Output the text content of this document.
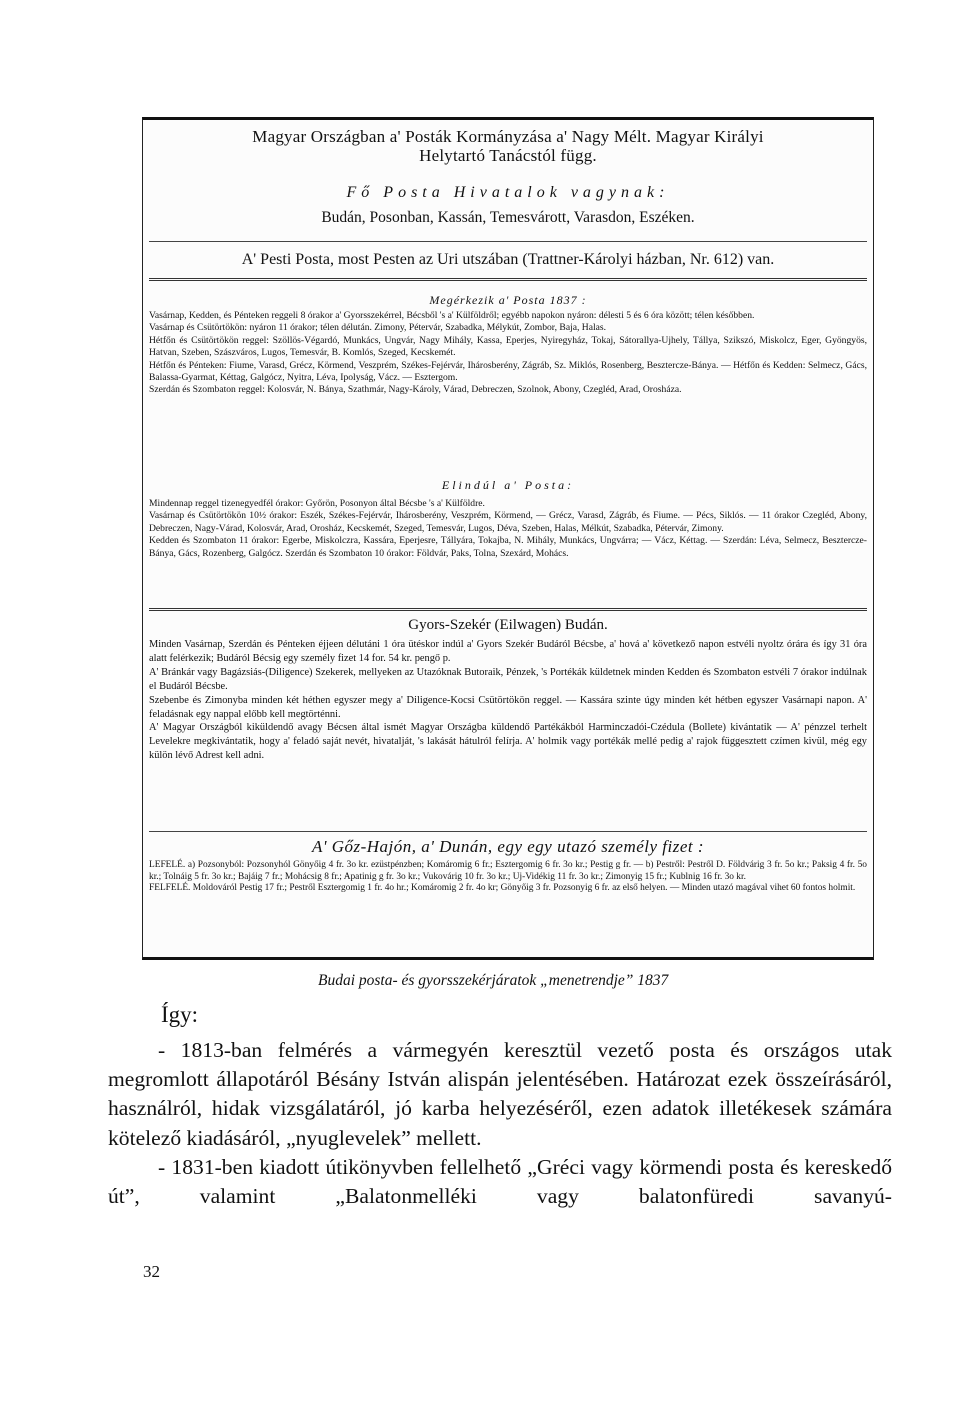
Magyar Országban a' Posták Kormányzása a' Nagy Mélt. Magyar Királyi
Helytartó Tanácstól függ.
Fő Posta Hivatalok vagynak:
Budán, Posonban, Kassán, Temesvárott, Varasdon, Eszéken.
A' Pesti Posta, most Pesten az Uri utszában (Trattner-Károlyi házban, Nr. 612) van.
Megérkezik a' Posta 1837 :
Vasárnap, Kedden, és Pénteken reggeli 8 órakor a' Gyorsszekérrel, Bécsből 's a' Külföldről; egyébb napokon nyáron: délesti 5 és 6 óra között; télen későbben.
Vasárnap és Csütörtökön: nyáron 11 órakor; télen délután. Zimony, Pétervár, Szabadka, Mélykút, Zombor, Baja, Halas.
Hétfőn és Csütörtökön reggel: Szöllös-Végardó, Munkács, Ungvár, Nagy Mihály, Kassa, Eperjes, Nyiregyház, Tokaj, Sátorallya-Ujhely, Tállya, Szikszó, Miskolcz, Eger, Gyöngyös, Hatvan, Szeben, Szászváros, Lugos, Temesvár, B. Komlós, Szeged, Kecskemét.
Hétfőn és Pénteken: Fiume, Varasd, Grécz, Körmend, Veszprém, Székes-Fejérvár, Ihárosberény, Zágráb, Sz. Miklós, Rosenberg, Besztercze-Bánya. — Hétfőn és Kedden: Selmecz, Gács, Balassa-Gyarmat, Kéttag, Galgócz, Nyitra, Léva, Ipolyság, Vácz. — Esztergom.
Szerdán és Szombaton reggel: Kolosvár, N. Bánya, Szathmár, Nagy-Károly, Várad, Debreczen, Szolnok, Abony, Czegléd, Arad, Orosháza.
Elindúl a' Posta:
Mindennap reggel tizenegyedfél órakor: Győrön, Posonyon által Bécsbe 's a' Külföldre.
Vasárnap és Csütörtökön 10½ órakor: Eszék, Székes-Fejérvár, Ihárosberény, Veszprém, Körmend, — Grécz, Varasd, Zágráb, és Fiume. — Pécs, Siklós. — 11 órakor Czegléd, Abony, Debreczen, Nagy-Várad, Kolosvár, Arad, Orosház, Kecskemét, Szeged, Temesvár, Lugos, Déva, Szeben, Halas, Mélkút, Szabadka, Pétervár, Zimony.
Kedden és Szombaton 11 órakor: Egerbe, Miskolczra, Kassára, Eperjesre, Tállyára, Tokajba, N. Mihály, Munkács, Ungvárra; — Vácz, Kéttag. — Szerdán: Léva, Selmecz, Besztercze-Bánya, Gács, Rozenberg, Galgócz. Szerdán és Szombaton 10 órakor: Földvár, Paks, Tolna, Szexárd, Mohács.
Gyors-Szekér (Eilwagen) Budán.
Minden Vasárnap, Szerdán és Pénteken éjjeen délutáni 1 óra ütéskor indúl a' Gyors Szekér Budáról Bécsbe, a' hová a' következő napon estvéli nyoltz órára és így 31 óra alatt felérkezik; Budáról Bécsig egy személy fizet 14 for. 54 kr. pengő p.
A' Bránkár vagy Bagázsiás-(Diligence) Szekerek, mellyeken az Utazóknak Butoraik, Pénzek, 's Portékák küldetnek minden Kedden és Szombaton estvéli 7 órakor indúlnak el Budáról Bécsbe.
Szebenbe és Zimonyba minden két héthen egyszer megy a' Diligence-Kocsi Csütörtökön reggel. — Kassára szinte úgy minden két hétben egyszer Vasárnapi napon. A' feladásnak egy nappal előbb kell megtörténni.
A' Magyar Országból kiküldendő avagy Bécsen által ismét Magyar Országba küldendő Partékákból Harminczadói-Czédula (Bollete) kivántatik — A' pénzzel terhelt Levelekre megkivántatik, hogy a' feladó saját nevét, hivatalját, 's lakását hátulról felírja. A' holmik vagy portékák mellé pedig a' rajok függesztett czímen kivül, még egy külön lévő Adrest kell adni.
A' Gőz-Hajón, a' Dunán, egy egy utazó személy fizet :
LEFELÉ. a) Pozsonyból: Pozsonyhól Gönyőig 4 fr. 3o kr. ezüstpénzben; Komáromig 6 fr.; Esztergomig 6 fr. 3o kr.; Pestig g fr. — b) Pestről: Pestről D. Földvárig 3 fr. 5o kr.; Paksig 4 fr. 5o kr.; Tolnáig 5 fr. 3o kr.; Bajáig 7 fr.; Mohácsig 8 fr.; Apatinig g fr. 3o kr.; Vukovárig 10 fr. 3o kr.; Uj-Vidékig 11 fr. 3o kr.; Zimonyig 15 fr.; Kublnig 16 fr. 3o kr.
FELFELÉ. Moldováról Pestig 17 fr.; Pestről Esztergomig 1 fr. 4o hr.; Komáromig 2 fr. 4o kr; Gönyőig 3 fr. Pozsonyig 6 fr. az első helyen. — Minden utazó magával vihet 60 fontos holmit.
Budai posta- és gyorsszekérjáratok „menetrendje” 1837
Így:

- 1813-ban felmérés a vármegyén keresztül vezető posta és országos utak megromlott állapotáról Bésány István alispán jelentésében. Határozat ezek összeírásáról, használról, hidak vizsgálatáról, jó karba helyezéséről, ezen adatok illetékesek számára kötelező kiadásáról, „nyuglevelek” mellett.

- 1831-ben kiadott útikönyvben fellelhető „Gréci vagy körmendi posta és kereskedő út”, valamint „Balatonmelléki vagy balatonfüredi savanyú-

32
